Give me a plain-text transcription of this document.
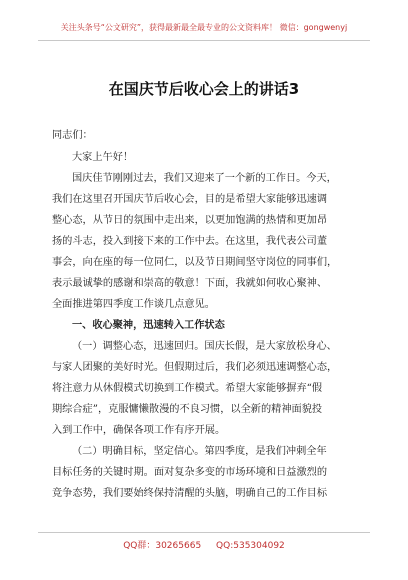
关注头条号“公文研究”，获得最新最全最专业的公文资料库！ 微信：gongwenyj
在国庆节后收心会上的讲话3
同志们：
大家上午好！
国庆佳节刚刚过去，我们又迎来了一个新的工作日。今天，
我们在这里召开国庆节后收心会，目的是希望大家能够迅速调
整心态，从节日的氛围中走出来，以更加饱满的热情和更加昂
扬的斗志，投入到接下来的工作中去。在这里，我代表公司董
事会，向在座的每一位同仁，以及节日期间坚守岗位的同事们，
表示最诚挚的感谢和崇高的敬意！下面，我就如何收心聚神、
全面推进第四季度工作谈几点意见。
一、收心聚神，迅速转入工作状态
（一）调整心态，迅速回归。国庆长假，是大家放松身心、
与家人团聚的美好时光。但假期过后，我们必须迅速调整心态，
将注意力从休假模式切换到工作模式。希望大家能够摒弃“假
期综合症”，克服慵懒散漫的不良习惯，以全新的精神面貌投
入到工作中，确保各项工作有序开展。
（二）明确目标，坚定信心。第四季度，是我们冲刺全年
目标任务的关键时期。面对复杂多变的市场环境和日益激烈的
竞争态势，我们要始终保持清醒的头脑，明确自己的工作目标
QQ群：30265665 QQ:535304092
